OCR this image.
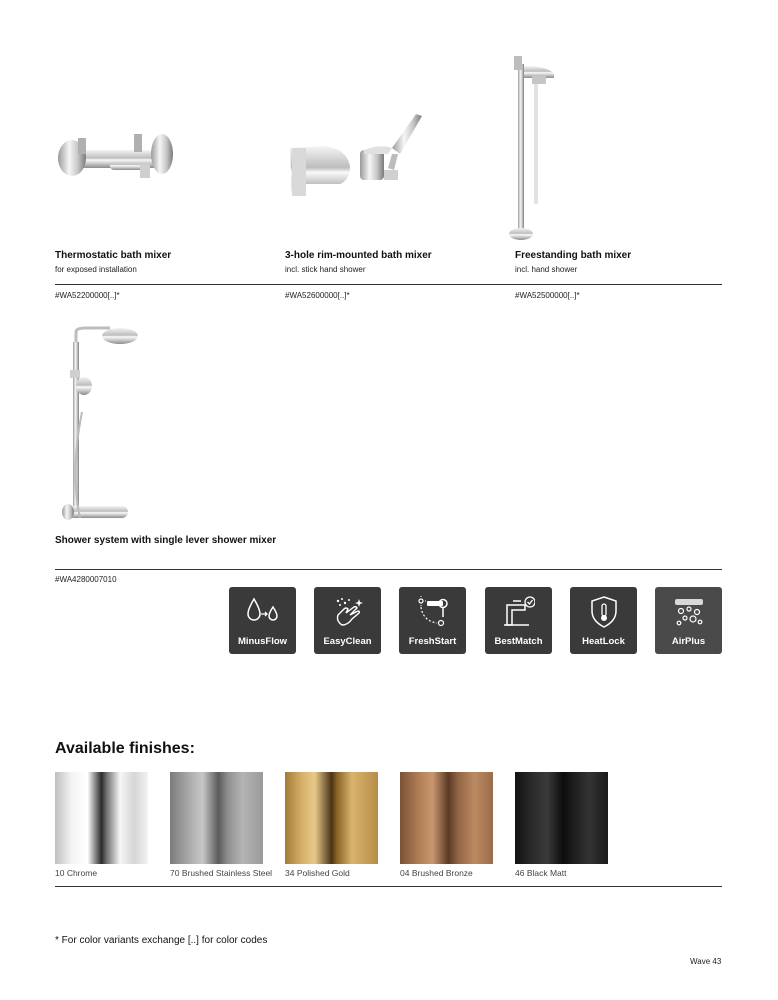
Thermostatic bath mixer
for exposed installation
3-hole rim-mounted bath mixer
incl. stick hand shower
Freestanding bath mixer
incl. hand shower
#WA52200000[..]*	#WA52600000[..]*	#WA52500000[..]*
Shower system with single lever shower mixer
#WA4280007010
MinusFlow	EasyClean	FreshStart	BestMatch	HeatLock	AirPlus
Available finishes:
10 Chrome	70 Brushed Stainless Steel 34 Polished Gold	04 Brushed Bronze	46 Black Matt
* For color variants exchange [..] for color codes
Wave 43
